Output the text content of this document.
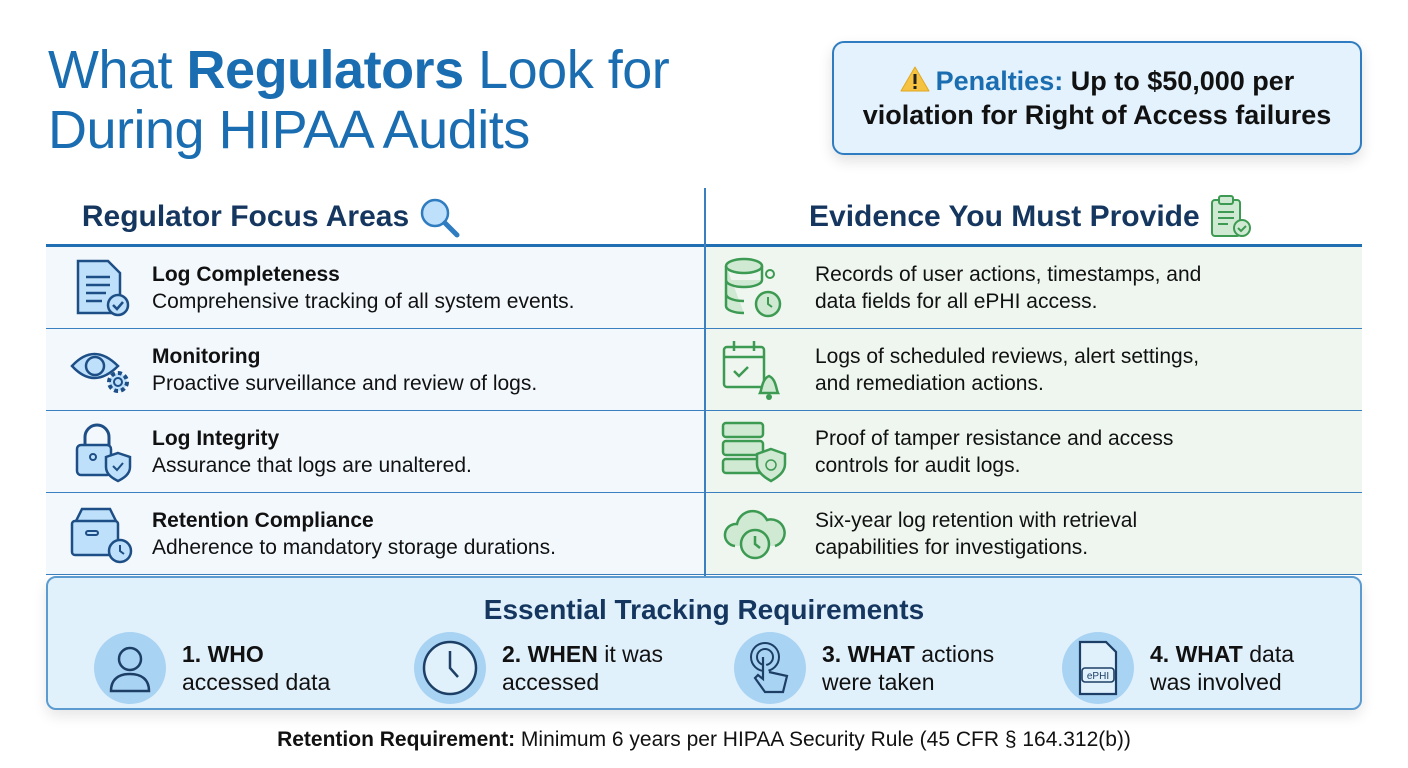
What Regulators Look for
During HIPAA Audits
Penalties: Up to $50,000 per
violation for Right of Access failures
Regulator Focus Areas	Evidence You Must Provide
Log Completeness
Comprehensive tracking of all system events.
Monitoring
Proactive surveillance and review of logs.
Log Integrity
Assurance that logs are unaltered.
Retention Compliance
Adherence to mandatory storage durations.
Records of user actions, timestamps, and
data fields for all ePHI access.
Logs of scheduled reviews, alert settings,
and remediation actions.
Proof of tamper resistance and access
controls for audit logs.
Six-year log retention with retrieval
capabilities for investigations.
Essential Tracking Requirements
1. WHO
accessed data
2. WHEN it was
accessed
3. WHAT actions
were taken	ePHI
4. WHAT data
was involved
Retention Requirement: Minimum 6 years per HIPAA Security Rule (45 CFR § 164.312(b))
